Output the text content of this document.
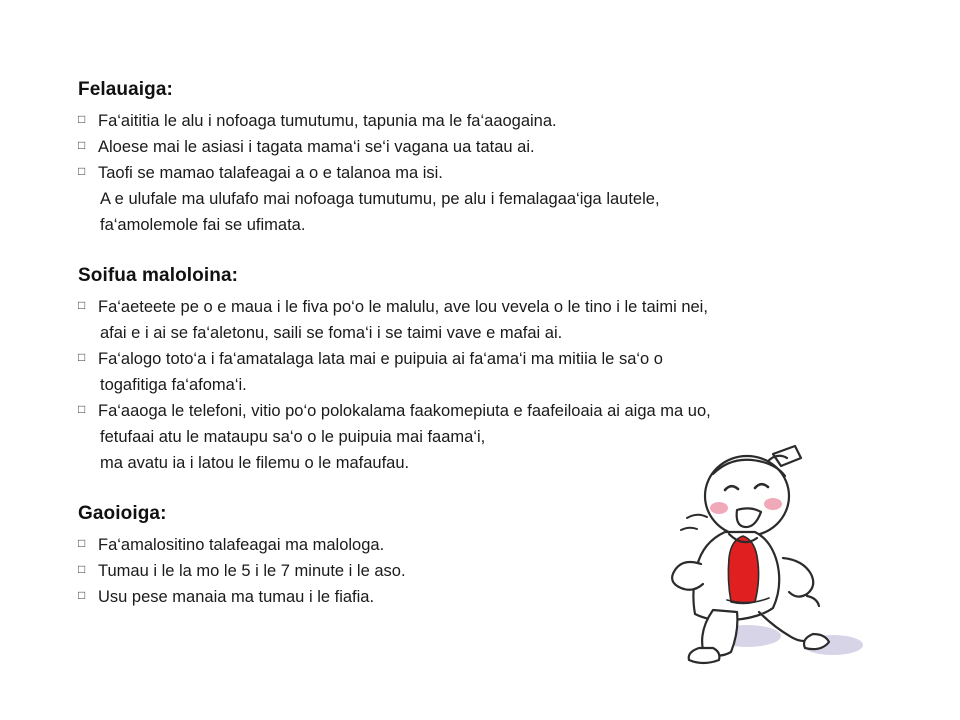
Felauaiga:
□ Fa‘aititia le alu i nofoaga tumutumu, tapunia ma le fa‘aaogaina.
□ Aloese mai le asiasi i tagata mama‘i se‘i vagana ua tatau ai.
□ Taofi se mamao talafeagai a o e talanoa ma isi.
A e ulufale ma ulufafo mai nofoaga tumutumu, pe alu i femalagaa‘iga lautele,
fa‘amolemole fai se ufimata.
Soifua maloloina:
□ Fa‘aeteete pe o e maua i le fiva po‘o le malulu, ave lou vevela o le tino i le taimi nei,
afai e i ai se fa‘aletonu, saili se foma‘i i se taimi vave e mafai ai.
□ Fa‘alogo toto‘a i fa‘amatalaga lata mai e puipuia ai fa‘ama‘i ma mitiia le sa‘o o
togafitiga fa‘afoma‘i.
□ Fa‘aaoga le telefoni, vitio po‘o polokalama faakomepiuta e faafeiloaia ai aiga ma uo,
fetufaai atu le mataupu sa‘o o le puipuia mai faama‘i,
ma avatu ia i latou le filemu o le mafaufau.
Gaoioiga:
□ Fa‘amalositino talafeagai ma malologa.
□ Tumau i le la mo le 5 i le 7 minute i le aso.
□ Usu pese manaia ma tumau i le fiafia.
